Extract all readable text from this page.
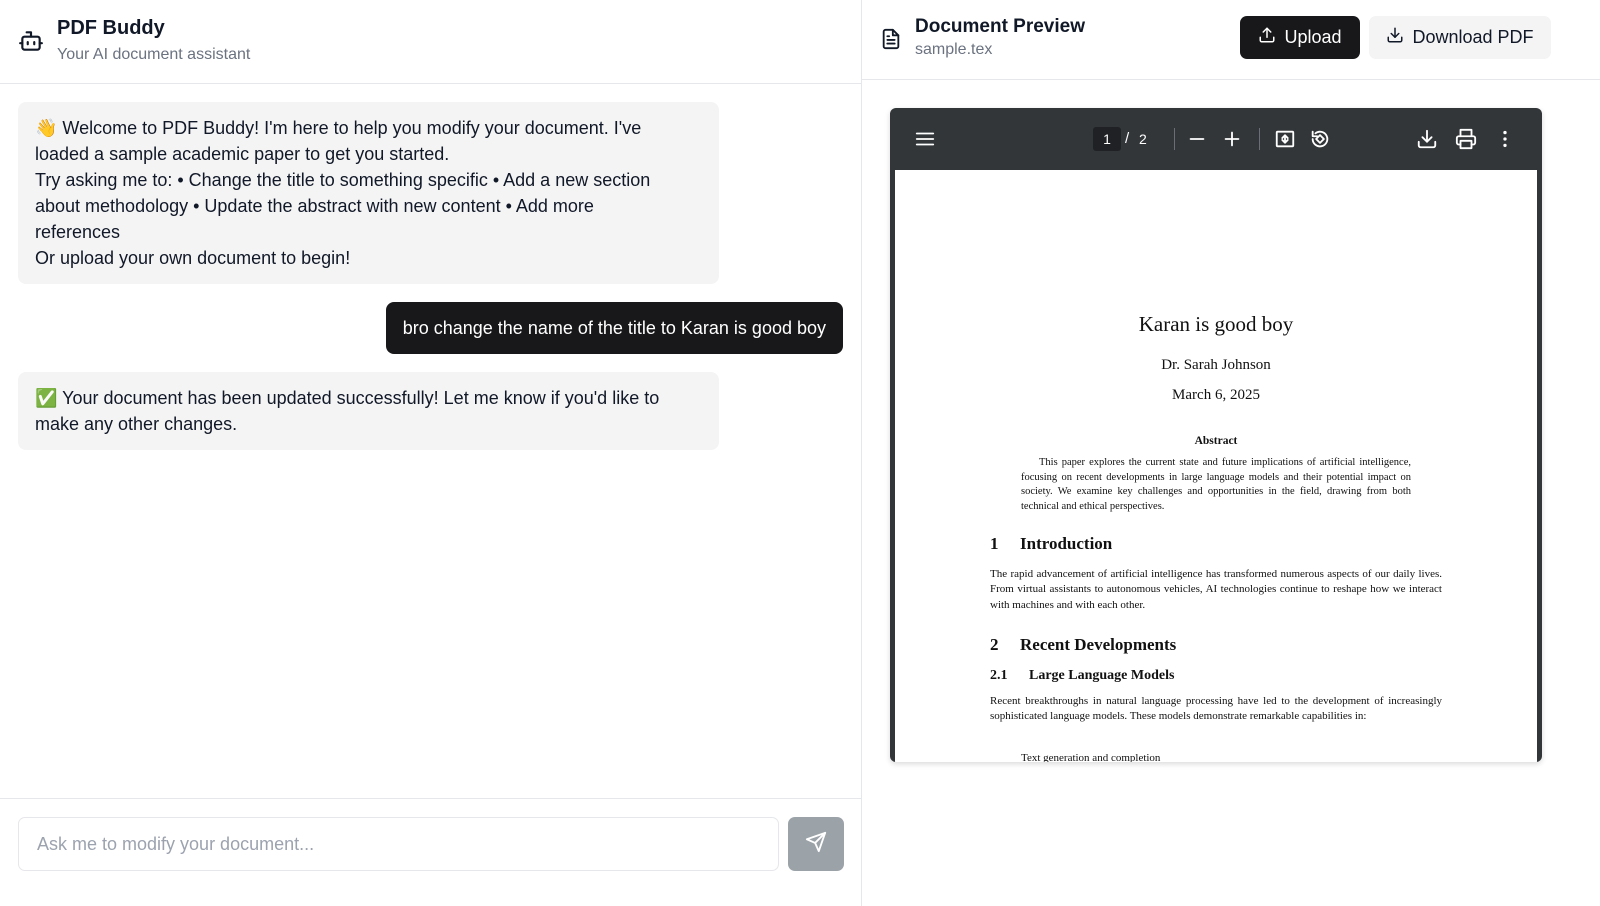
PDF Buddy
Your AI document assistant
👋 Welcome to PDF Buddy! I'm here to help you modify your document. I've
loaded a sample academic paper to get you started.
Try asking me to: • Change the title to something specific • Add a new section
about methodology • Update the abstract with new content • Add more
references
Or upload your own document to begin!
bro change the name of the title to Karan is good boy
✅ Your document has been updated successfully! Let me know if you'd like to
make any other changes.
Ask me to modify your document...
Document Preview
sample.tex
Upload	Download PDF
1 / 2
Karan is good boy
Dr. Sarah Johnson
March 6, 2025
Abstract
This paper explores the current state and future implications of artificial intelligence, focusing on recent developments in large language models and their potential impact on society. We examine key challenges and opportunities in the field, drawing from both technical and ethical perspectives.
1 Introduction
The rapid advancement of artificial intelligence has transformed numerous aspects of our daily lives. From virtual assistants to autonomous vehicles, AI technologies continue to reshape how we interact with machines and with each other.
2 Recent Developments
2.1 Large Language Models
Recent breakthroughs in natural language processing have led to the development of increasingly sophisticated language models. These models demonstrate remarkable capabilities in:
Text generation and completion
